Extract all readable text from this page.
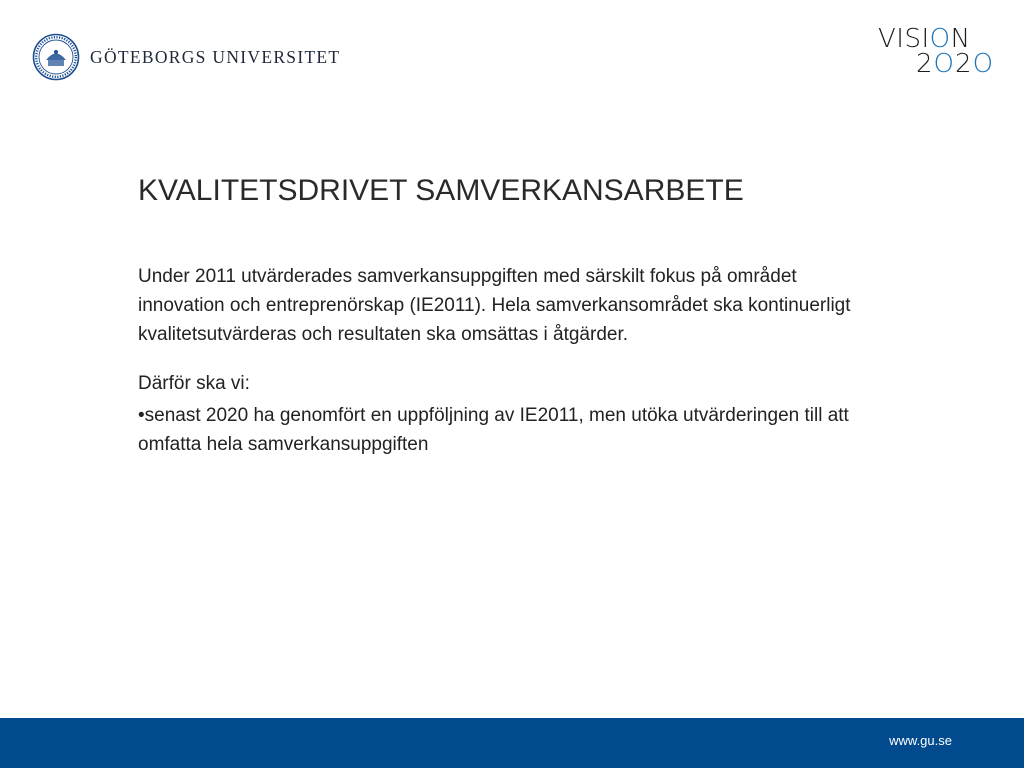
GÖTEBORGS UNIVERSITET
VISION
2O2O
KVALITETSDRIVET SAMVERKANSARBETE

Under 2011 utvärderades samverkansuppgiften med särskilt fokus på området innovation och entreprenörskap (IE2011). Hela samverkansområdet ska kontinuerligt kvalitetsutvärderas och resultaten ska omsättas i åtgärder.

Därför ska vi:

•senast 2020 ha genomfört en uppföljning av IE2011, men utöka utvärderingen till att omfatta hela samverkansuppgiften

www.gu.se
